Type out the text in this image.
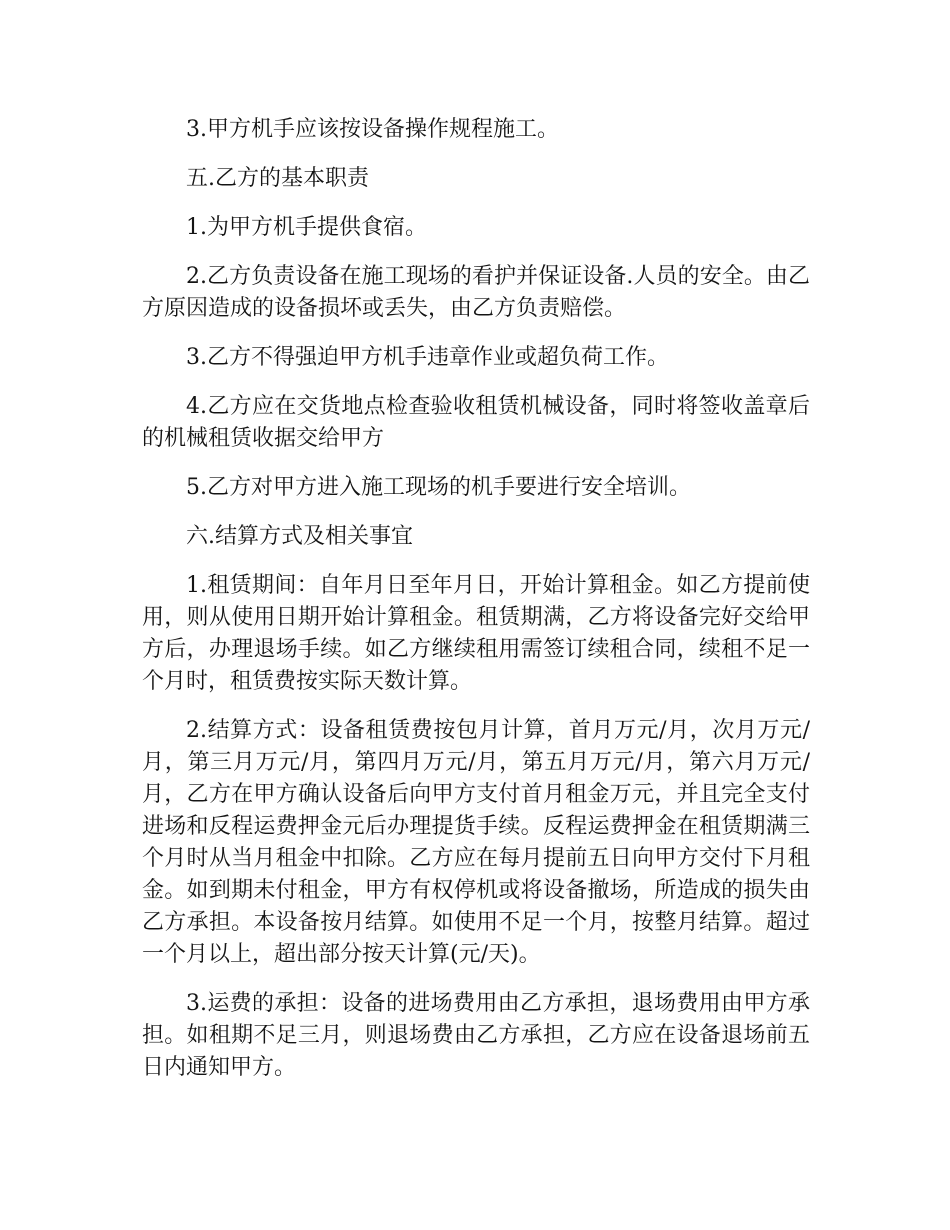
3.甲方机手应该按设备操作规程施工。

五.乙方的基本职责

1.为甲方机手提供食宿。

2.乙方负责设备在施工现场的看护并保证设备.人员的安全。由乙方原因造成的设备损坏或丢失，由乙方负责赔偿。

3.乙方不得强迫甲方机手违章作业或超负荷工作。

4.乙方应在交货地点检查验收租赁机械设备，同时将签收盖章后的机械租赁收据交给甲方

5.乙方对甲方进入施工现场的机手要进行安全培训。

六.结算方式及相关事宜

1.租赁期间：自年月日至年月日，开始计算租金。如乙方提前使用，则从使用日期开始计算租金。租赁期满，乙方将设备完好交给甲方后，办理退场手续。如乙方继续租用需签订续租合同，续租不足一个月时，租赁费按实际天数计算。

2.结算方式：设备租赁费按包月计算，首月万元/月，次月万元/月，第三月万元/月，第四月万元/月，第五月万元/月，第六月万元/月，乙方在甲方确认设备后向甲方支付首月租金万元，并且完全支付进场和反程运费押金元后办理提货手续。反程运费押金在租赁期满三个月时从当月租金中扣除。乙方应在每月提前五日向甲方交付下月租金。如到期未付租金，甲方有权停机或将设备撤场，所造成的损失由乙方承担。本设备按月结算。如使用不足一个月，按整月结算。超过一个月以上，超出部分按天计算(元/天)。

3.运费的承担：设备的进场费用由乙方承担，退场费用由甲方承担。如租期不足三月，则退场费由乙方承担，乙方应在设备退场前五日内通知甲方。
